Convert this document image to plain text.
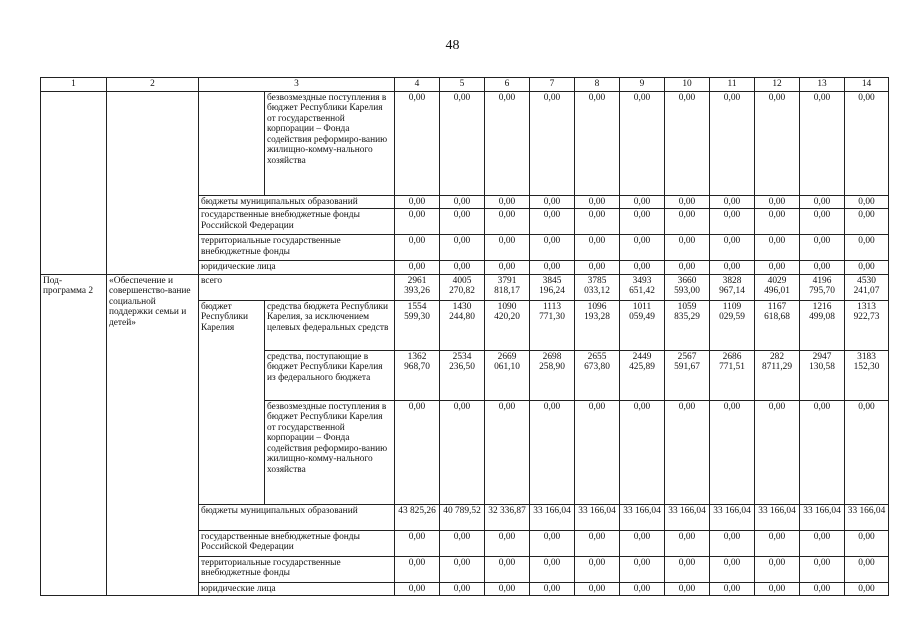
48
1	2	3		4	5	6	7	8	9	10	11	12	13	14
			безвозмездные поступления в бюджет Республики Карелия от государственной корпорации – Фонда содействия реформиро-ванию жилищно-комму-нального хозяйства	0,00	0,00	0,00	0,00	0,00	0,00	0,00	0,00	0,00	0,00	0,00
		бюджеты муниципальных образований		0,00	0,00	0,00	0,00	0,00	0,00	0,00	0,00	0,00	0,00	0,00
		государственные внебюджетные фонды Российской Федерации		0,00	0,00	0,00	0,00	0,00	0,00	0,00	0,00	0,00	0,00	0,00
		территориальные государственные внебюджетные фонды		0,00	0,00	0,00	0,00	0,00	0,00	0,00	0,00	0,00	0,00	0,00
		юридические лица		0,00	0,00	0,00	0,00	0,00	0,00	0,00	0,00	0,00	0,00	0,00
Под-программа 2	«Обеспечение и совершенство-вание социальной поддержки семьи и детей»	всего		2961 393,26	4005 270,82	3791 818,17	3845 196,24	3785 033,12	3493 651,42	3660 593,00	3828 967,14	4029 496,01	4196 795,70	4530 241,07
		бюджет Республики Карелия	средства бюджета Республики Карелия, за исключением целевых федеральных средств	1554 599,30	1430 244,80	1090 420,20	1113 771,30	1096 193,28	1011 059,49	1059 835,29	1109 029,59	1167 618,68	1216 499,08	1313 922,73
			средства, поступающие в бюджет Республики Карелия из федерального бюджета	1362 968,70	2534 236,50	2669 061,10	2698 258,90	2655 673,80	2449 425,89	2567 591,67	2686 771,51	282 8711,29	2947 130,58	3183 152,30
			безвозмездные поступления в бюджет Республики Карелия от государственной корпорации – Фонда содействия реформиро-ванию жилищно-комму-нального хозяйства	0,00	0,00	0,00	0,00	0,00	0,00	0,00	0,00	0,00	0,00	0,00
		бюджеты муниципальных образований		43 825,26	40 789,52	32 336,87	33 166,04	33 166,04	33 166,04	33 166,04	33 166,04	33 166,04	33 166,04	33 166,04
		государственные внебюджетные фонды Российской Федерации		0,00	0,00	0,00	0,00	0,00	0,00	0,00	0,00	0,00	0,00	0,00
		территориальные государственные внебюджетные фонды		0,00	0,00	0,00	0,00	0,00	0,00	0,00	0,00	0,00	0,00	0,00
		юридические лица		0,00	0,00	0,00	0,00	0,00	0,00	0,00	0,00	0,00	0,00	0,00
